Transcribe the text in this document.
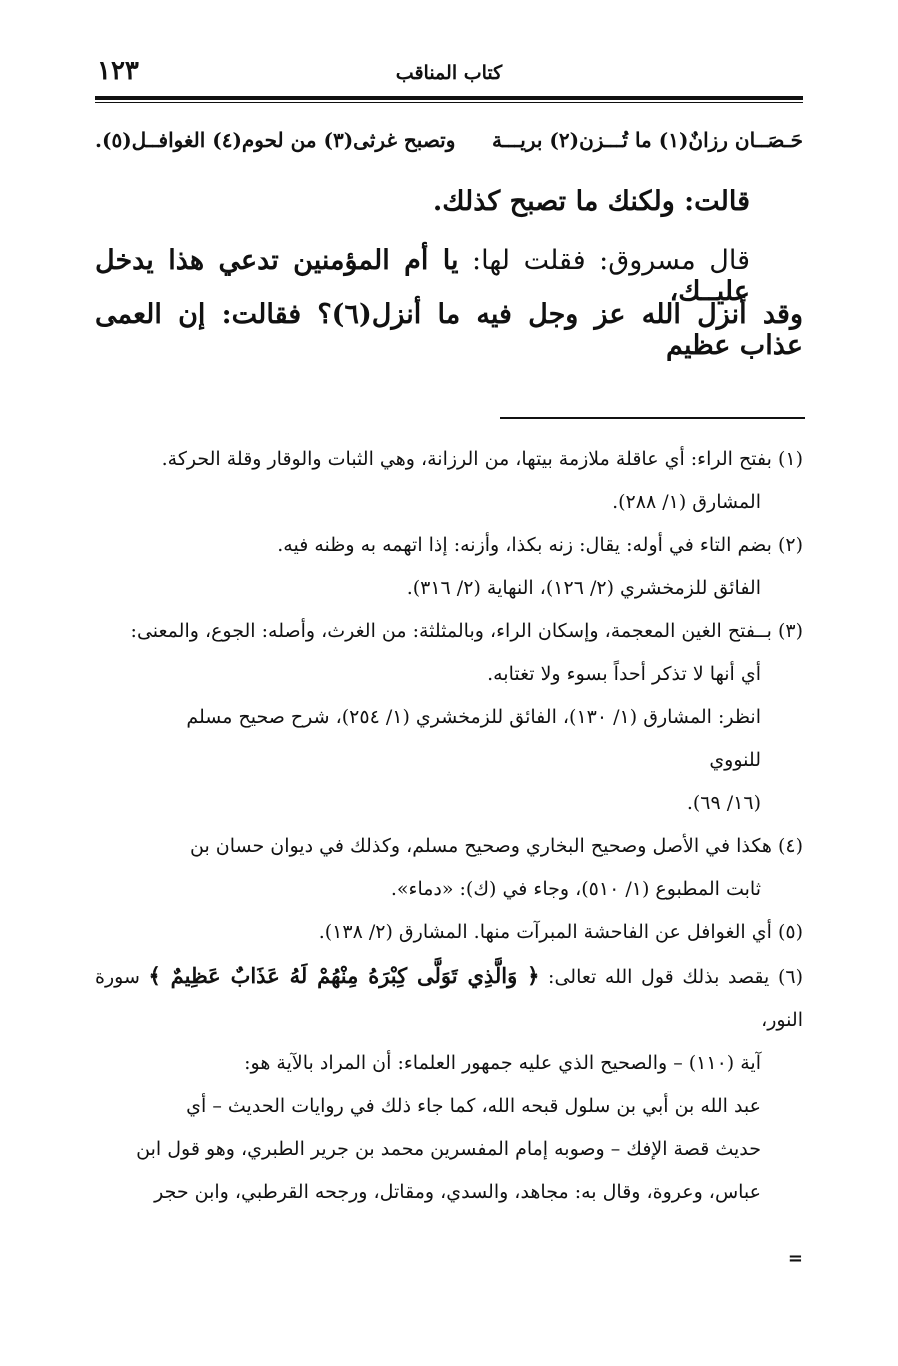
كتاب المناقب
١٢٣
حَـصَــان رزانٌ(١) ما تُـــزن(٢) بريـــة
وتصبح غرثى(٣) من لحوم(٤) الغوافــل(٥).
قالت: ولكنك ما تصبح كذلك.
قال مسروق: فقلت لها: يا أم المؤمنين تدعي هذا يدخل عليــك،
وقد أنزل الله عز وجل فيه ما أنزل(٦)؟ فقالت: إن العمى عذاب عظيم
(١) بفتح الراء: أي عاقلة ملازمة بيتها، من الرزانة، وهي الثبات والوقار وقلة الحركة.
المشارق (١/ ٢٨٨).
(٢) بضم التاء في أوله: يقال: زنه بكذا، وأزنه: إذا اتهمه به وظنه فيه.
الفائق للزمخشري (٢/ ١٢٦)، النهاية (٢/ ٣١٦).
(٣) بــفتح الغين المعجمة، وإسكان الراء، وبالمثلثة: من الغرث، وأصله: الجوع، والمعنى:
أي أنها لا تذكر أحداً بسوء ولا تغتابه.
انظر: المشارق (١/ ١٣٠)، الفائق للزمخشري (١/ ٢٥٤)، شرح صحيح مسلم
للنووي
(١٦/ ٦٩).
(٤) هكذا في الأصل وصحيح البخاري وصحيح مسلم، وكذلك في ديوان حسان بن
ثابت المطبوع (١/ ٥١٠)، وجاء في (ك): «دماء».
(٥) أي الغوافل عن الفاحشة المبرآت منها. المشارق (٢/ ١٣٨).
(٦) يقصد بذلك قول الله تعالى: ﴿ وَالَّذِي تَوَلَّى كِبْرَهُ مِنْهُمْ لَهُ عَذَابٌ عَظِيمٌ ﴾ سورة النور،
آية (١١٠) – والصحيح الذي عليه جمهور العلماء: أن المراد بالآية هو:
عبد الله بن أبي بن سلول قبحه الله، كما جاء ذلك في روايات الحديث – أي
حديث قصة الإفك – وصوبه إمام المفسرين محمد بن جرير الطبري، وهو قول ابن
عباس، وعروة، وقال به: مجاهد، والسدي، ومقاتل، ورجحه القرطبي، وابن حجر
=
